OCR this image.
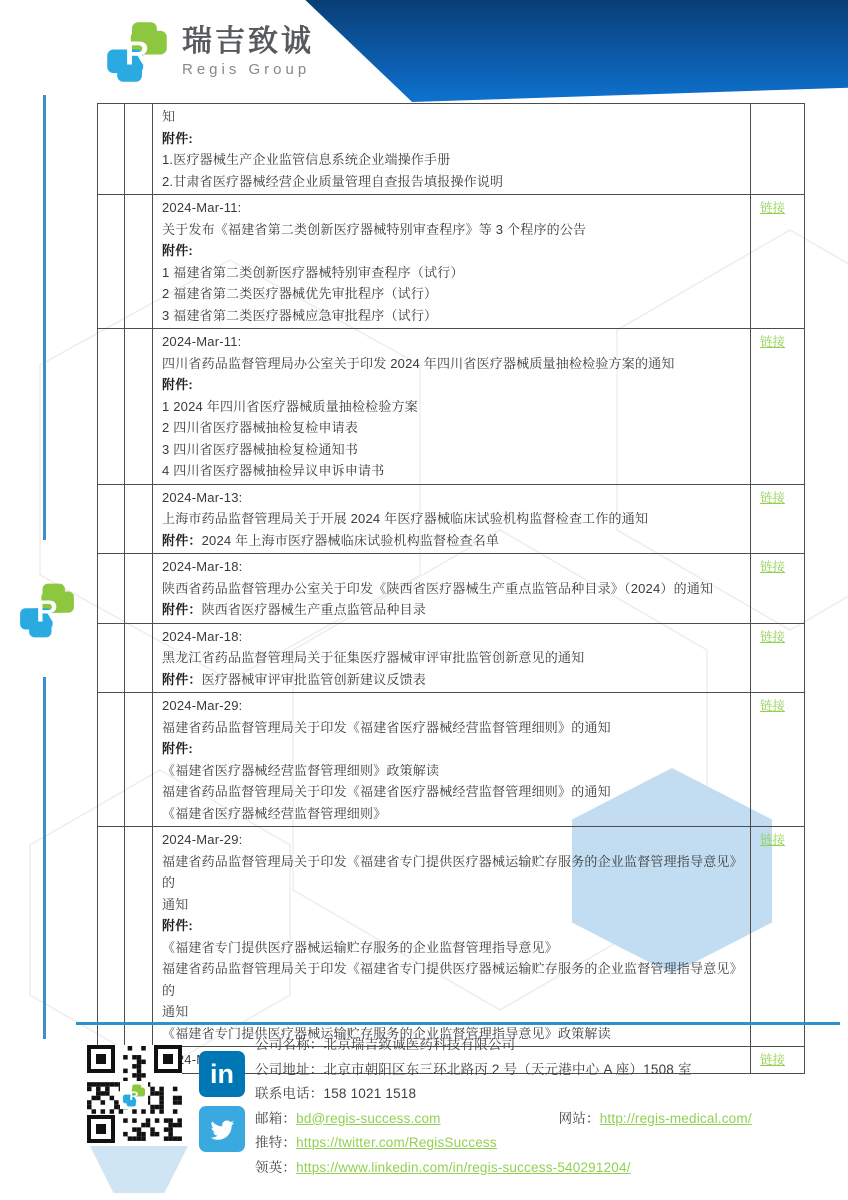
R 瑞吉致诚
Regis Group
R
知
附件:
1.医疗器械生产企业监管信息系统企业端操作手册
2.甘肃省医疗器械经营企业质量管理自查报告填报操作说明
2024-Mar-11:
关于发布《福建省第二类创新医疗器械特别审查程序》等 3 个程序的公告
附件:
1 福建省第二类创新医疗器械特别审查程序（试行）
2 福建省第二类医疗器械优先审批程序（试行）
3 福建省第二类医疗器械应急审批程序（试行）
链接
2024-Mar-11:
四川省药品监督管理局办公室关于印发 2024 年四川省医疗器械质量抽检检验方案的通知
附件:
1 2024 年四川省医疗器械质量抽检检验方案
2 四川省医疗器械抽检复检申请表
3 四川省医疗器械抽检复检通知书
4 四川省医疗器械抽检异议申诉申请书
链接
2024-Mar-13:
上海市药品监督管理局关于开展 2024 年医疗器械临床试验机构监督检查工作的通知
附件：2024 年上海市医疗器械临床试验机构监督检查名单
链接
2024-Mar-18:
陕西省药品监督管理办公室关于印发《陕西省医疗器械生产重点监管品种目录》（2024）的通知
附件：陕西省医疗器械生产重点监管品种目录
链接
2024-Mar-18:
黑龙江省药品监督管理局关于征集医疗器械审评审批监管创新意见的通知
附件：医疗器械审评审批监管创新建议反馈表
链接
2024-Mar-29:
福建省药品监督管理局关于印发《福建省医疗器械经营监督管理细则》的通知
附件:
《福建省医疗器械经营监督管理细则》政策解读
福建省药品监督管理局关于印发《福建省医疗器械经营监督管理细则》的通知
《福建省医疗器械经营监督管理细则》
链接
2024-Mar-29:
福建省药品监督管理局关于印发《福建省专门提供医疗器械运输贮存服务的企业监督管理指导意见》的
通知
附件:
《福建省专门提供医疗器械运输贮存服务的企业监督管理指导意见》
福建省药品监督管理局关于印发《福建省专门提供医疗器械运输贮存服务的企业监督管理指导意见》的
通知
《福建省专门提供医疗器械运输贮存服务的企业监督管理指导意见》政策解读
链接
链接
R
in
公司名称：北京瑞吉致诚医药科技有限公司
公司地址：北京市朝阳区东三环北路丙 2 号（天元港中心 A 座）1508 室
联系电话：158 1021 1518
邮箱：bd@regis-success.com	网站：http://regis-medical.com/
推特：https://twitter.com/RegisSuccess
领英：https://www.linkedin.com/in/regis-success-540291204/
